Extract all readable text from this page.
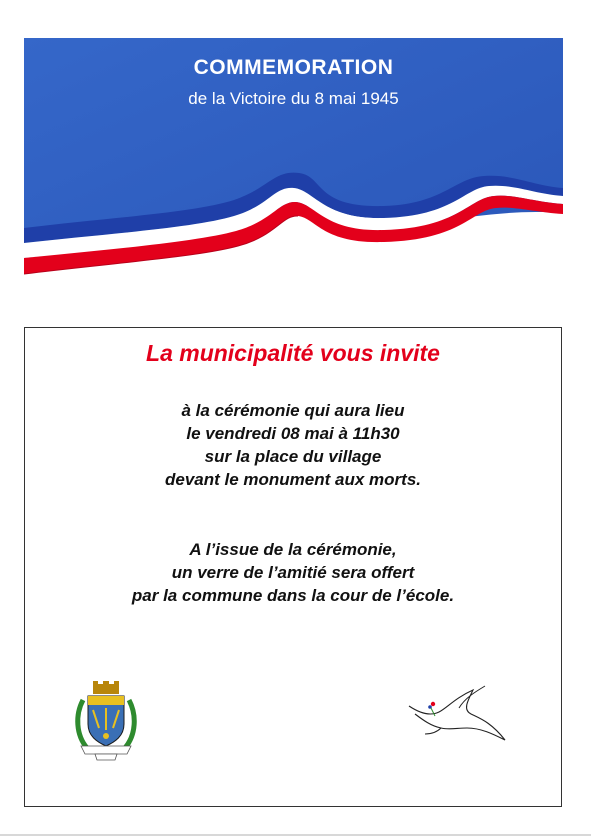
COMMEMORATION
de la Victoire du 8 mai 1945
La municipalité vous invite
à la cérémonie qui aura lieu
le vendredi 08 mai à 11h30
sur la place du village
devant le monument aux morts.
A l’issue de la cérémonie,
un verre de l’amitié sera offert
par la commune dans la cour de l’école.
